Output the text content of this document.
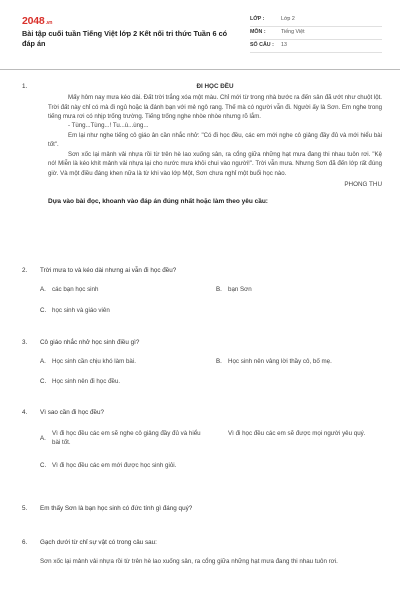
2048.vn
Bài tập cuối tuần Tiếng Việt lớp 2 Kết nối tri thức Tuần 6 có đáp án
LỚP :	Lớp 2
MÔN :	Tiếng Việt
SỐ CÂU :	13
1.	ĐI HỌC ĐỀU

Mấy hôm nay mưa kéo dài. Đất trời trắng xóa một màu. Chỉ mới từ trong nhà bước ra đến sân đã ướt như chuột lột. Trời đất này chỉ có mà đi ngủ hoặc là đánh bạn với mẻ ngô rang. Thế mà có người vẫn đi. Người ấy là Sơn. Em nghe trong tiếng mưa rơi có nhịp trống trường. Tiếng trống nghe nhòe nhòe nhưng rõ lắm.

- Tùng...Tùng...! Tu...ù...ùng...

Em lại như nghe tiếng cô giáo ân cần nhắc nhở: "Có đi học đều, các em mới nghe cô giảng đầy đủ và mới hiểu bài tốt".

Sơn xốc lại mảnh vải nhựa rồi từ trên hè lao xuống sân, ra cổng giữa những hạt mưa đang thi nhau tuôn rơi. "Kệ nó! Miễn là kéo khít mảnh vải nhựa lại cho nước mưa khỏi chui vào người!". Trời vẫn mưa. Nhưng Sơn đã đến lớp rất đúng giờ. Và một điều đáng khen nữa là từ khi vào lớp Một, Sơn chưa nghỉ một buổi học nào.

PHONG THU
Dựa vào bài đọc, khoanh vào đáp án đúng nhất hoặc làm theo yêu cầu:
2. Trời mưa to và kéo dài nhưng ai vẫn đi học đều?
A. các bạn học sinh	B. bạn Sơn
C. học sinh và giáo viên
3. Cô giáo nhắc nhở học sinh điều gì?
A. Học sinh cần chịu khó làm bài.	B. Học sinh nên vâng lời thầy cô, bố mẹ.
C. Học sinh nên đi học đều.
4. Vì sao cần đi học đều?
A.
Vì đi học đều các em sẽ nghe cô giảng đầy đủ và hiểu bài tốt.
Vì đi học đều các em sẽ được mọi người yêu quý.
C. Vì đi học đều các em mới được học sinh giỏi.
5. Em thấy Sơn là bạn học sinh có đức tính gì đáng quý?
6. Gạch dưới từ chỉ sự vật có trong câu sau:
Sơn xốc lại mảnh vải nhựa rồi từ trên hè lao xuống sân, ra cổng giữa những hạt mưa đang thi nhau tuôn rơi.
